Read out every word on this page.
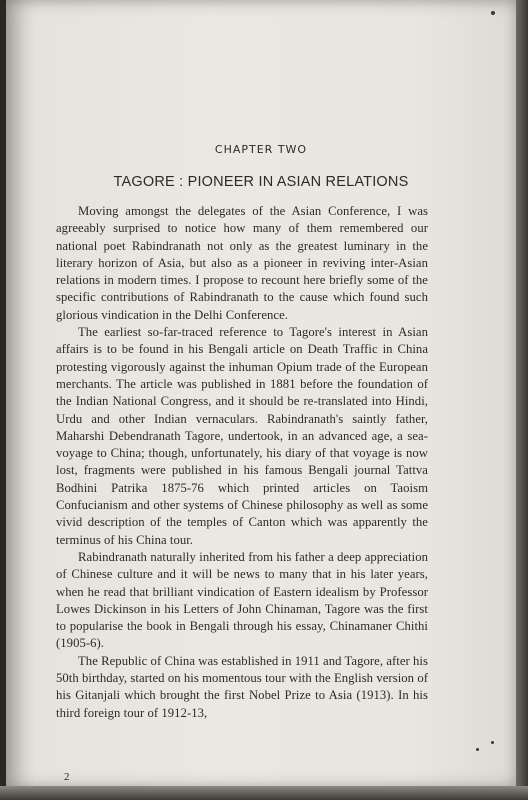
CHAPTER TWO
TAGORE : PIONEER IN ASIAN RELATIONS

Moving amongst the delegates of the Asian Conference, I was agreeably surprised to notice how many of them remembered our national poet Rabindranath not only as the greatest luminary in the literary horizon of Asia, but also as a pioneer in reviving inter-Asian relations in modern times. I propose to recount here briefly some of the specific contributions of Rabindranath to the cause which found such glorious vindication in the Delhi Conference.

The earliest so-far-traced reference to Tagore's interest in Asian affairs is to be found in his Bengali article on Death Traffic in China protesting vigorously against the inhuman Opium trade of the European merchants. The article was published in 1881 before the foundation of the Indian National Congress, and it should be re-translated into Hindi, Urdu and other Indian vernaculars. Rabindranath's saintly father, Maharshi Debendranath Tagore, undertook, in an advanced age, a sea-voyage to China; though, unfortunately, his diary of that voyage is now lost, fragments were published in his famous Bengali journal Tattva Bodhini Patrika 1875-76 which printed articles on Taoism Confucianism and other systems of Chinese philosophy as well as some vivid description of the temples of Canton which was apparently the terminus of his China tour.

Rabindranath naturally inherited from his father a deep appreciation of Chinese culture and it will be news to many that in his later years, when he read that brilliant vindication of Eastern idealism by Professor Lowes Dickinson in his Letters of John Chinaman, Tagore was the first to popularise the book in Bengali through his essay, Chinamaner Chithi (1905-6).

The Republic of China was established in 1911 and Tagore, after his 50th birthday, started on his momentous tour with the English version of his Gitanjali which brought the first Nobel Prize to Asia (1913). In his third foreign tour of 1912-13,

2
